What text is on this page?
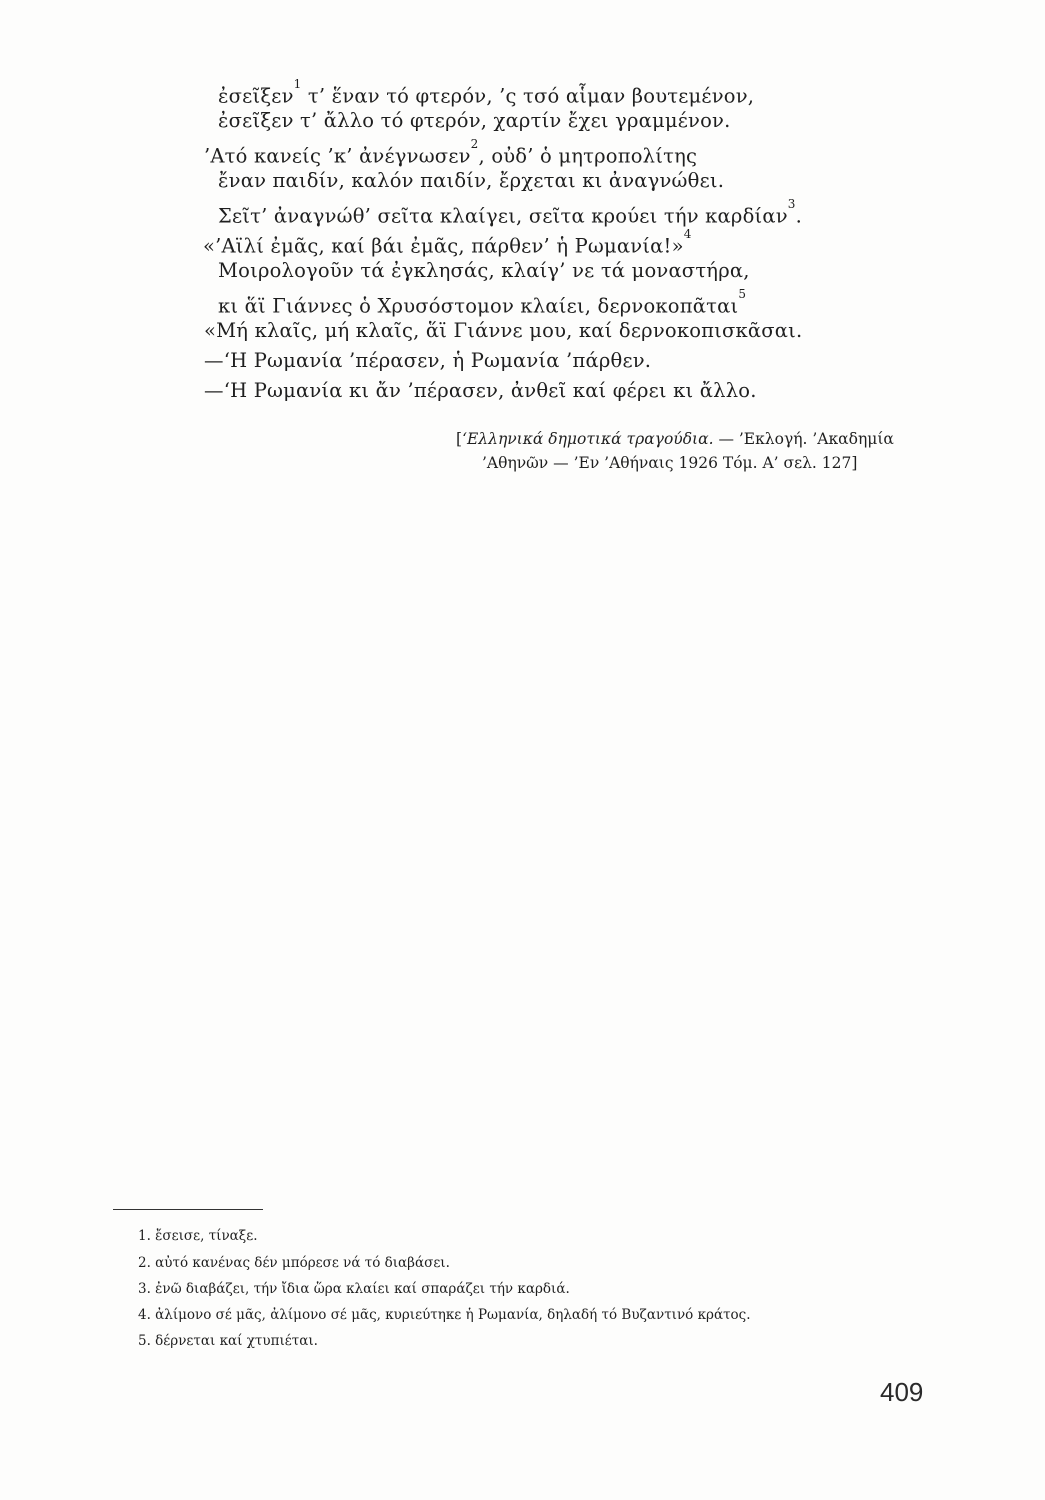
ἐσεῖξεν$^1$ τ’ ἕναν τό φτερόν, ’ς τσό αἷμαν βουτεμένον,
ἐσεῖξεν τ’ ἄλλο τό φτερόν, χαρτίν ἔχει γραμμένον.
’Ατό κανείς ’κ’ ἀνέγνωσεν$^2$, οὐδ’ ὁ μητροπολίτης
ἔναν παιδίν, καλόν παιδίν, ἔρχεται κι ἀναγνώθει.
Σεῖτ’ ἀναγνώθ’ σεῖτα κλαίγει, σεῖτα κρούει τήν καρδίαν$^3$.
«’Αϊλί ἐμᾶς, καί βάι ἐμᾶς, πάρθεν’ ἡ Ρωμανία!»$^4$
Μοιρολογοῦν τά ἐγκλησάς, κλαίγ’ νε τά μοναστήρα,
κι ἅϊ Γιάννες ὁ Χρυσόστομον κλαίει, δερνοκοπᾶται$^5$
«Μή κλαῖς, μή κλαῖς, ἅϊ Γιάννε μου, καί δερνοκοπισκᾶσαι.
—‘Η Ρωμανία ’πέρασεν, ἡ Ρωμανία ’πάρθεν.
—‘Η Ρωμανία κι ἄν ’πέρασεν, ἀνθεῖ καί φέρει κι ἄλλο.
[‘Ελληνικά δημοτικά τραγούδια. — ’Εκλογή. ’Ακαδημία
’Αθηνῶν — ’Εν ’Αθήναις 1926 Τόμ. Α’ σελ. 127]
1. ἔσεισε, τίναξε.
2. αὐτό κανένας δέν μπόρεσε νά τό διαβάσει.
3. ἐνῶ διαβάζει, τήν ἴδια ὥρα κλαίει καί σπαράζει τήν καρδιά.
4. ἀλίμονο σέ μᾶς, ἀλίμονο σέ μᾶς, κυριεύτηκε ἡ Ρωμανία, δηλαδή τό Βυζαντινό κράτος.
5. δέρνεται καί χτυπιέται.
409
